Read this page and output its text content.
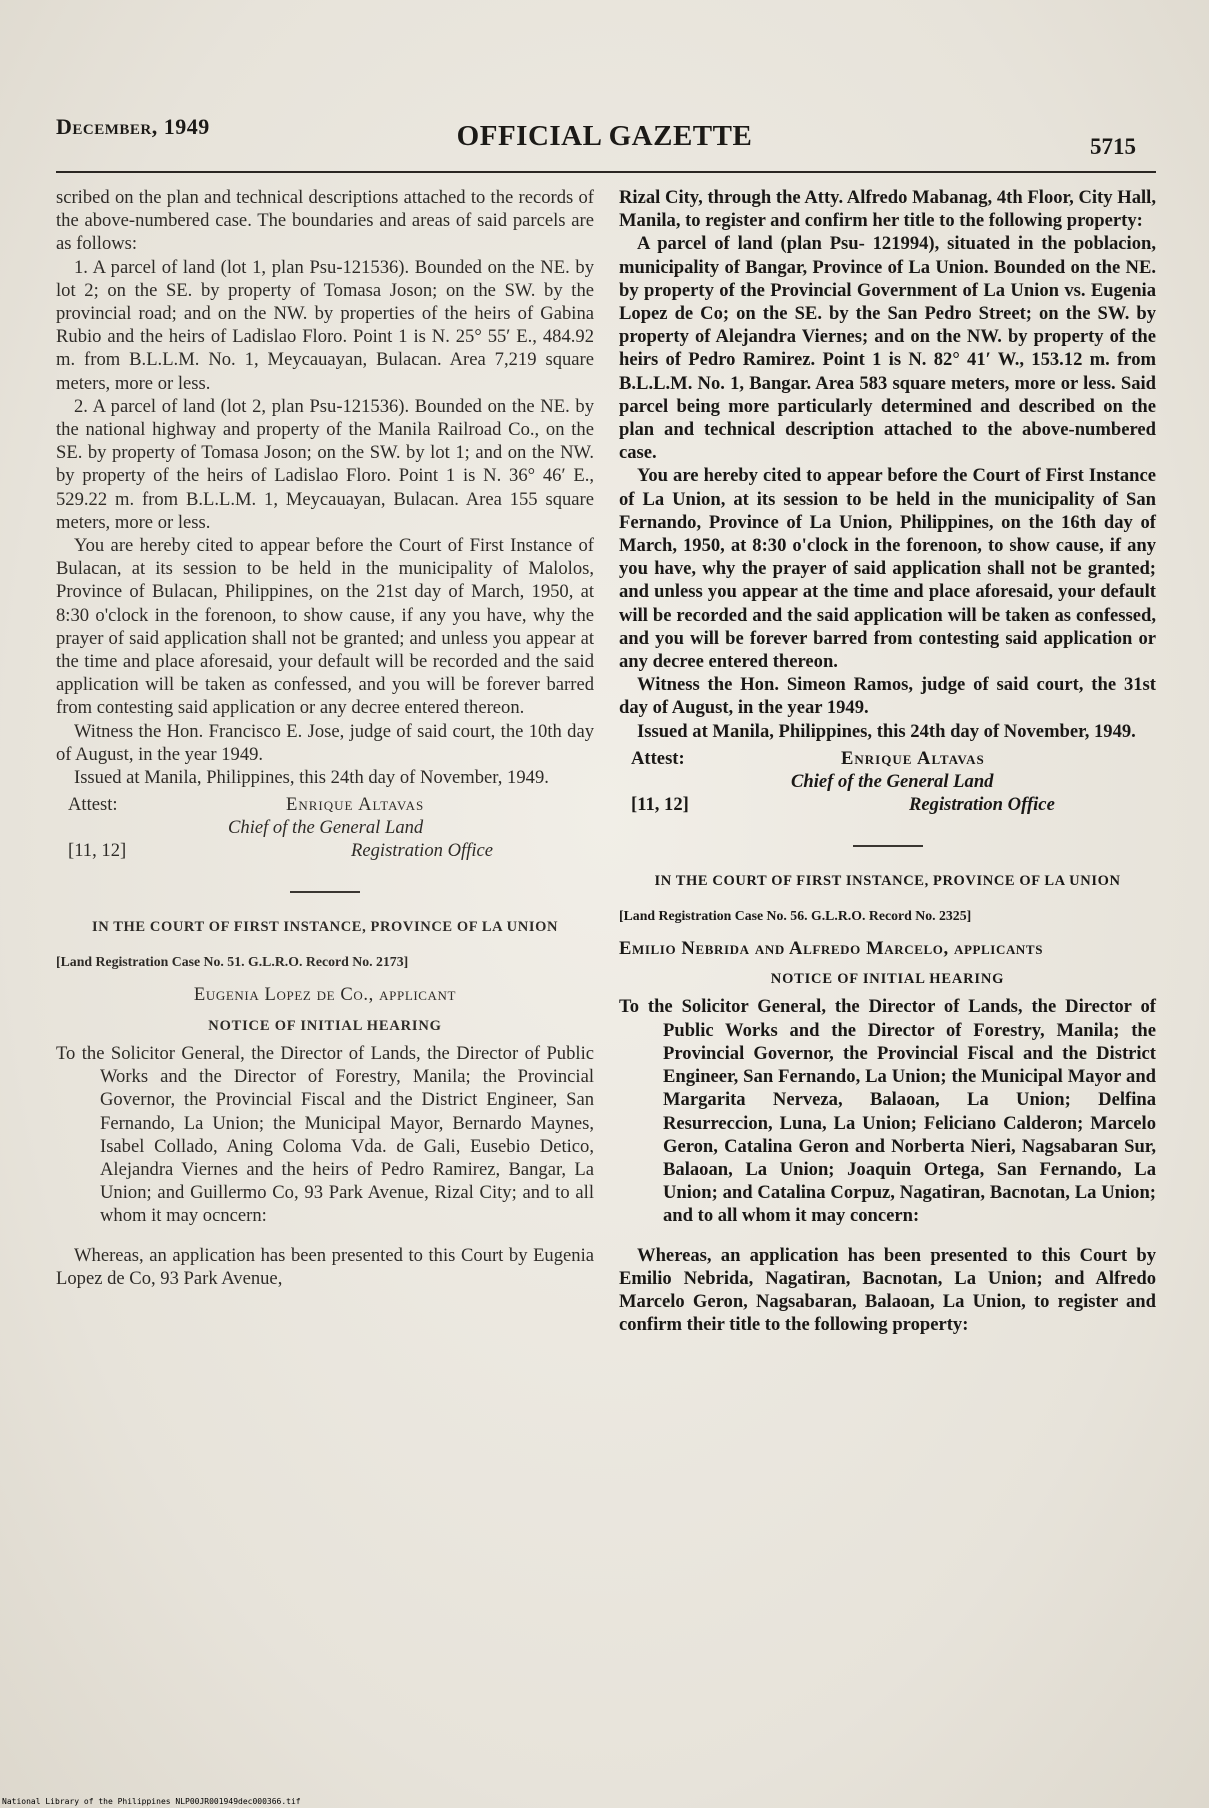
December, 1949	OFFICIAL GAZETTE	5715

scribed on the plan and technical descriptions attached to the records of the above-numbered case. The boundaries and areas of said parcels are as follows:

1. A parcel of land (lot 1, plan Psu-121536). Bounded on the NE. by lot 2; on the SE. by property of Tomasa Joson; on the SW. by the provincial road; and on the NW. by properties of the heirs of Gabina Rubio and the heirs of Ladislao Floro. Point 1 is N. 25° 55′ E., 484.92 m. from B.L.L.M. No. 1, Meycauayan, Bulacan. Area 7,219 square meters, more or less.

2. A parcel of land (lot 2, plan Psu-121536). Bounded on the NE. by the national highway and property of the Manila Railroad Co., on the SE. by property of Tomasa Joson; on the SW. by lot 1; and on the NW. by property of the heirs of Ladislao Floro. Point 1 is N. 36° 46′ E., 529.22 m. from B.L.L.M. 1, Meycauayan, Bulacan. Area 155 square meters, more or less.

You are hereby cited to appear before the Court of First Instance of Bulacan, at its session to be held in the municipality of Malolos, Province of Bulacan, Philippines, on the 21st day of March, 1950, at 8:30 o'clock in the forenoon, to show cause, if any you have, why the prayer of said application shall not be granted; and unless you appear at the time and place aforesaid, your default will be recorded and the said application will be taken as confessed, and you will be forever barred from contesting said application or any decree entered thereon.

Witness the Hon. Francisco E. Jose, judge of said court, the 10th day of August, in the year 1949.

Issued at Manila, Philippines, this 24th day of November, 1949.

Attest:	Enrique Altavas
Chief of the General Land
[11, 12]	Registration Office
IN THE COURT OF FIRST INSTANCE, PROVINCE OF LA UNION
[Land Registration Case No. 51. G.L.R.O. Record No. 2173]
Eugenia Lopez de Co., applicant
NOTICE OF INITIAL HEARING

To the Solicitor General, the Director of Lands, the Director of Public Works and the Director of Forestry, Manila; the Provincial Governor, the Provincial Fiscal and the District Engineer, San Fernando, La Union; the Municipal Mayor, Bernardo Maynes, Isabel Collado, Aning Coloma Vda. de Gali, Eusebio Detico, Alejandra Viernes and the heirs of Pedro Ramirez, Bangar, La Union; and Guillermo Co, 93 Park Avenue, Rizal City; and to all whom it may ocncern:

Whereas, an application has been presented to this Court by Eugenia Lopez de Co, 93 Park Avenue,

Rizal City, through the Atty. Alfredo Mabanag, 4th Floor, City Hall, Manila, to register and confirm her title to the following property:

A parcel of land (plan Psu- 121994), situated in the poblacion, municipality of Bangar, Province of La Union. Bounded on the NE. by property of the Provincial Government of La Union vs. Eugenia Lopez de Co; on the SE. by the San Pedro Street; on the SW. by property of Alejandra Viernes; and on the NW. by property of the heirs of Pedro Ramirez. Point 1 is N. 82° 41′ W., 153.12 m. from B.L.L.M. No. 1, Bangar. Area 583 square meters, more or less. Said parcel being more particularly determined and described on the plan and technical description attached to the above-numbered case.

You are hereby cited to appear before the Court of First Instance of La Union, at its session to be held in the municipality of San Fernando, Province of La Union, Philippines, on the 16th day of March, 1950, at 8:30 o'clock in the forenoon, to show cause, if any you have, why the prayer of said application shall not be granted; and unless you appear at the time and place aforesaid, your default will be recorded and the said application will be taken as confessed, and you will be forever barred from contesting said application or any decree entered thereon.

Witness the Hon. Simeon Ramos, judge of said court, the 31st day of August, in the year 1949.

Issued at Manila, Philippines, this 24th day of November, 1949.

Attest:	Enrique Altavas
Chief of the General Land
[11, 12]	Registration Office
IN THE COURT OF FIRST INSTANCE, PROVINCE OF LA UNION
[Land Registration Case No. 56. G.L.R.O. Record No. 2325]
Emilio Nebrida and Alfredo Marcelo, applicants
NOTICE OF INITIAL HEARING

To the Solicitor General, the Director of Lands, the Director of Public Works and the Director of Forestry, Manila; the Provincial Governor, the Provincial Fiscal and the District Engineer, San Fernando, La Union; the Municipal Mayor and Margarita Nerveza, Balaoan, La Union; Delfina Resurreccion, Luna, La Union; Feliciano Calderon; Marcelo Geron, Catalina Geron and Norberta Nieri, Nagsabaran Sur, Balaoan, La Union; Joaquin Ortega, San Fernando, La Union; and Catalina Corpuz, Nagatiran, Bacnotan, La Union; and to all whom it may concern:

Whereas, an application has been presented to this Court by Emilio Nebrida, Nagatiran, Bacnotan, La Union; and Alfredo Marcelo Geron, Nagsabaran, Balaoan, La Union, to register and confirm their title to the following property:

National Library of the Philippines NLP00JR001949dec000366.tif
